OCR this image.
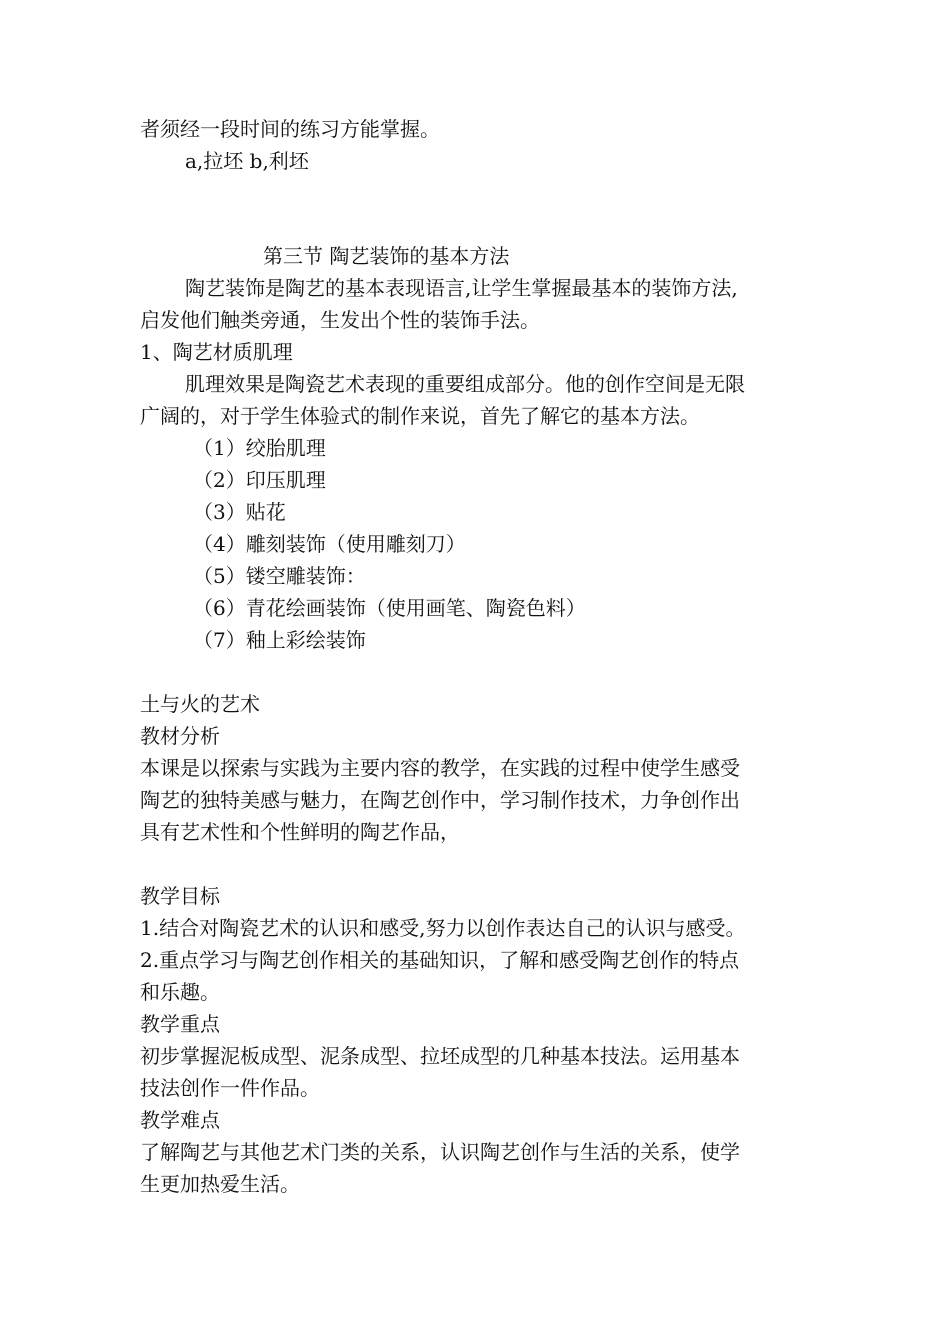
者须经一段时间的练习方能掌握。
a,拉坯 b,利坯
第三节 陶艺装饰的基本方法
陶艺装饰是陶艺的基本表现语言,让学生掌握最基本的装饰方法,
启发他们触类旁通，生发出个性的装饰手法。
1、陶艺材质肌理
肌理效果是陶瓷艺术表现的重要组成部分。他的创作空间是无限
广阔的，对于学生体验式的制作来说，首先了解它的基本方法。
（1）绞胎肌理
（2）印压肌理
（3）贴花
（4）雕刻装饰（使用雕刻刀）
（5）镂空雕装饰：
（6）青花绘画装饰（使用画笔、陶瓷色料）
（7）釉上彩绘装饰
土与火的艺术
教材分析
本课是以探索与实践为主要内容的教学，在实践的过程中使学生感受
陶艺的独特美感与魅力，在陶艺创作中，学习制作技术，力争创作出
具有艺术性和个性鲜明的陶艺作品，
教学目标
1.结合对陶瓷艺术的认识和感受,努力以创作表达自己的认识与感受。
2.重点学习与陶艺创作相关的基础知识，了解和感受陶艺创作的特点
和乐趣。
教学重点
初步掌握泥板成型、泥条成型、拉坯成型的几种基本技法。运用基本
技法创作一件作品。
教学难点
了解陶艺与其他艺术门类的关系，认识陶艺创作与生活的关系，使学
生更加热爱生活。
